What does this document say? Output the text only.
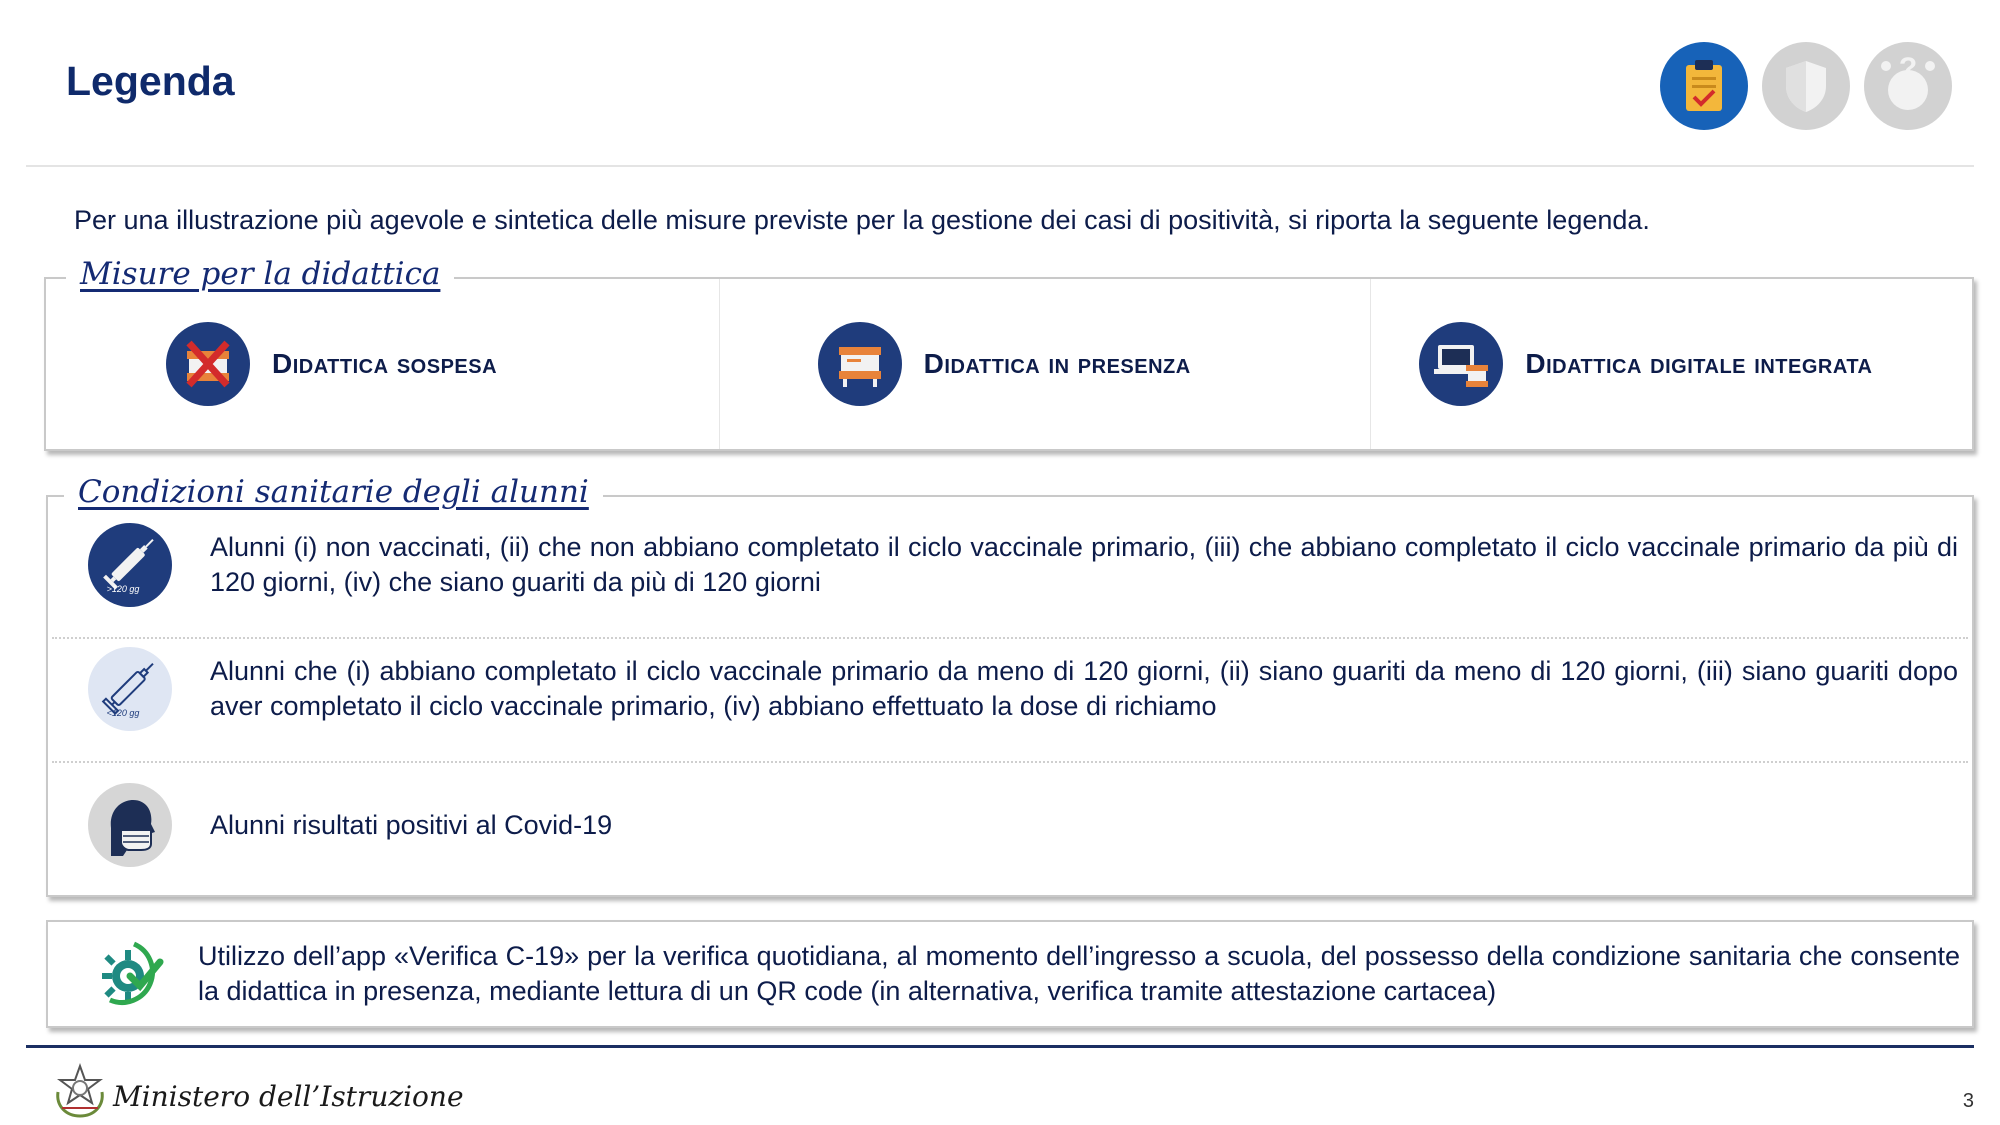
Legenda	?

Per una illustrazione più agevole e sintetica delle misure previste per la gestione dei casi di positività, si riporta la seguente legenda.

Misure per la didattica
Didattica sospesa	Didattica in presenza	Didattica digitale integrata
Condizioni sanitarie degli alunni
>120 gg
Alunni (i) non vaccinati, (ii) che non abbiano completato il ciclo vaccinale primario, (iii) che abbiano completato il ciclo vaccinale primario da più di 120 giorni, (iv) che siano guariti da più di 120 giorni
<120 gg
Alunni che (i) abbiano completato il ciclo vaccinale primario da meno di 120 giorni, (ii) siano guariti da meno di 120 giorni, (iii) siano guariti dopo aver completato il ciclo vaccinale primario, (iv) abbiano effettuato la dose di richiamo
Alunni risultati positivi al Covid-19
Utilizzo dell’app «Verifica C-19» per la verifica quotidiana, al momento dell’ingresso a scuola, del possesso della condizione sanitaria che consente la didattica in presenza, mediante lettura di un QR code (in alternativa, verifica tramite attestazione cartacea)

Ministero dell’Istruzione	3
